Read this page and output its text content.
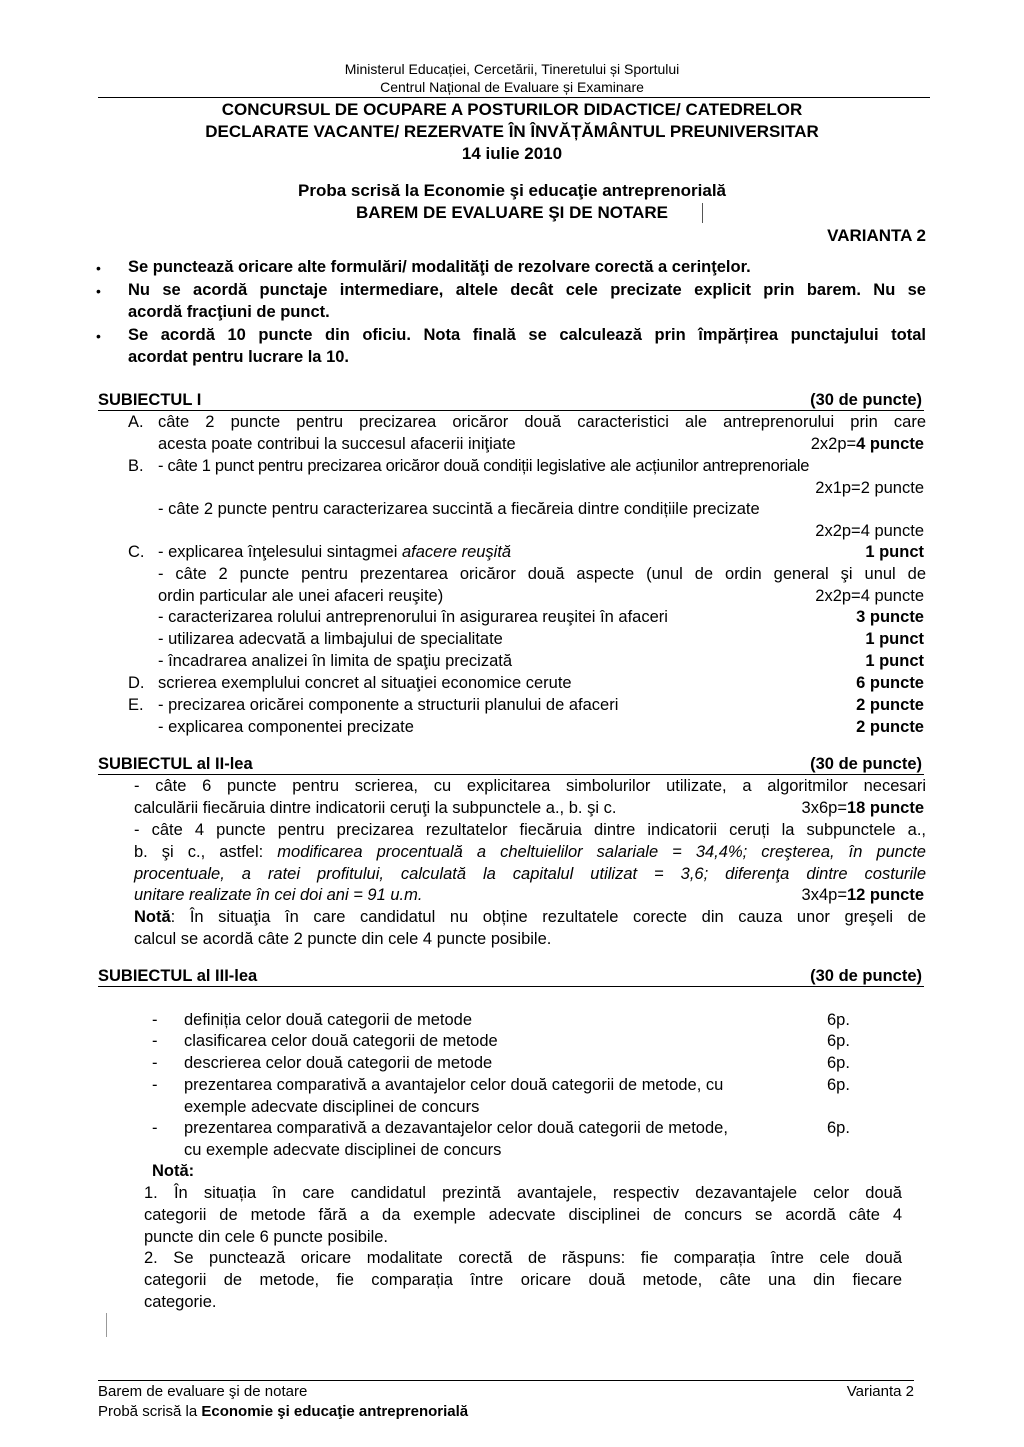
Ministerul Educației, Cercetării, Tineretului și Sportului
Centrul Național de Evaluare și Examinare
CONCURSUL DE OCUPARE A POSTURILOR DIDACTICE/ CATEDRELOR
DECLARATE VACANTE/ REZERVATE ÎN ÎNVĂȚĂMÂNTUL PREUNIVERSITAR
14 iulie 2010
Proba scrisă la Economie şi educaţie antreprenorială
BAREM DE EVALUARE ŞI DE NOTARE
VARIANTA 2
• Se punctează oricare alte formulări/ modalităţi de rezolvare corectă a cerinţelor.
• Nu se acordă punctaje intermediare, altele decât cele precizate explicit prin barem. Nu se
acordă fracţiuni de punct.
• Se acordă 10 puncte din oficiu. Nota finală se calculează prin împărțirea punctajului total
acordat pentru lucrare la 10.
SUBIECTUL I	(30 de puncte)
A. câte 2 puncte pentru precizarea oricăror două caracteristici ale antreprenorului prin care
acesta poate contribui la succesul afacerii iniţiate	2x2p=4 puncte
B. - câte 1 punct pentru precizarea oricăror două condiții legislative ale acțiunilor antreprenoriale
2x1p=2 puncte
- câte 2 puncte pentru caracterizarea succintă a fiecăreia dintre condițiile precizate
2x2p=4 puncte
C. - explicarea înţelesului sintagmei afacere reuşită	1 punct
- câte 2 puncte pentru prezentarea oricăror două aspecte (unul de ordin general şi unul de
ordin particular ale unei afaceri reuşite)	2x2p=4 puncte
- caracterizarea rolului antreprenorului în asigurarea reuşitei în afaceri	3 puncte
- utilizarea adecvată a limbajului de specialitate	1 punct
- încadrarea analizei în limita de spaţiu precizată	1 punct
D. scrierea exemplului concret al situaţiei economice cerute	6 puncte
E. - precizarea oricărei componente a structurii planului de afaceri	2 puncte
- explicarea componentei precizate	2 puncte
SUBIECTUL al II-lea	(30 de puncte)
- câte 6 puncte pentru scrierea, cu explicitarea simbolurilor utilizate, a algoritmilor necesari
calculării fiecăruia dintre indicatorii ceruţi la subpunctele a., b. şi c.	3x6p=18 puncte
- câte 4 puncte pentru precizarea rezultatelor fiecăruia dintre indicatorii ceruți la subpunctele a.,
b. şi c., astfel: modificarea procentuală a cheltuielilor salariale = 34,4%; creşterea, în puncte
procentuale, a ratei profitului, calculată la capitalul utilizat = 3,6; diferenţa dintre costurile
unitare realizate în cei doi ani = 91 u.m.	3x4p=12 puncte
Notă: În situaţia în care candidatul nu obține rezultatele corecte din cauza unor greşeli de
calcul se acordă câte 2 puncte din cele 4 puncte posibile.
SUBIECTUL al III-lea	(30 de puncte)
- definiția celor două categorii de metode	6p.
- clasificarea celor două categorii de metode	6p.
- descrierea celor două categorii de metode	6p.
- prezentarea comparativă a avantajelor celor două categorii de metode, cu	6p.
exemple adecvate disciplinei de concurs
- prezentarea comparativă a dezavantajelor celor două categorii de metode,	6p.
cu exemple adecvate disciplinei de concurs
Notă:
1. În situația în care candidatul prezintă avantajele, respectiv dezavantajele celor două
categorii de metode fără a da exemple adecvate disciplinei de concurs se acordă câte 4
puncte din cele 6 puncte posibile.
2. Se punctează oricare modalitate corectă de răspuns: fie comparația între cele două
categorii de metode, fie comparația între oricare două metode, câte una din fiecare
categorie.
Barem de evaluare şi de notare	Varianta 2
Probă scrisă la Economie şi educaţie antreprenorială
